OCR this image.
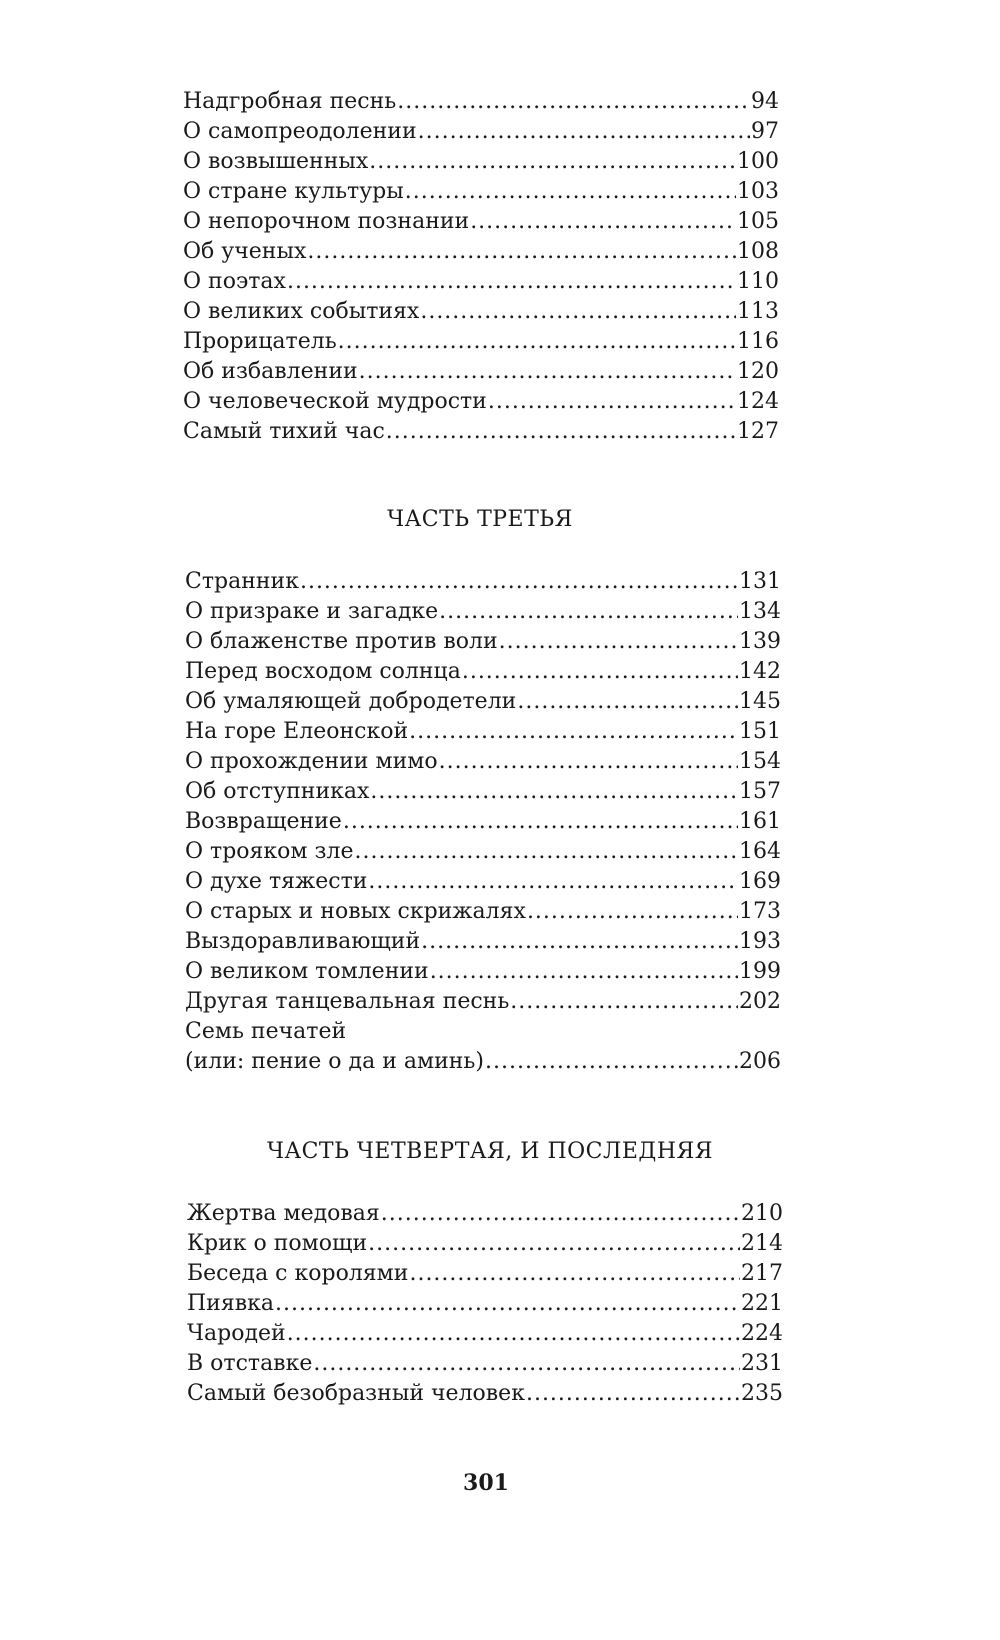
Надгробная песнь .....	94
О самопреодолении .....	97
О возвышенных .....	100
О стране культуры .....	103
О непорочном познании .....	105
Об ученых .....	108
О поэтах .....	110
О великих событиях .....	113
Прорицатель .....	116
Об избавлении .....	120
О человеческой мудрости .....	124
Самый тихий час .....	127
ЧАСТЬ ТРЕТЬЯ
Странник .....	131
О призраке и загадке .....	134
О блаженстве против воли .....	139
Перед восходом солнца .....	142
Об умаляющей добродетели .....	145
На горе Елеонской .....	151
О прохождении мимо .....	154
Об отступниках .....	157
Возвращение .....	161
О трояком зле .....	164
О духе тяжести .....	169
О старых и новых скрижалях .....	173
Выздоравливающий .....	193
О великом томлении .....	199
Другая танцевальная песнь .....	202
Семь печатей
(или: пение о да и аминь) .....	206
ЧАСТЬ ЧЕТВЕРТАЯ, И ПОСЛЕДНЯЯ
Жертва медовая .....	210
Крик о помощи .....	214
Беседа с королями .....	217
Пиявка .....	221
Чародей .....	224
В отставке .....	231
Самый безобразный человек .....	235
301
